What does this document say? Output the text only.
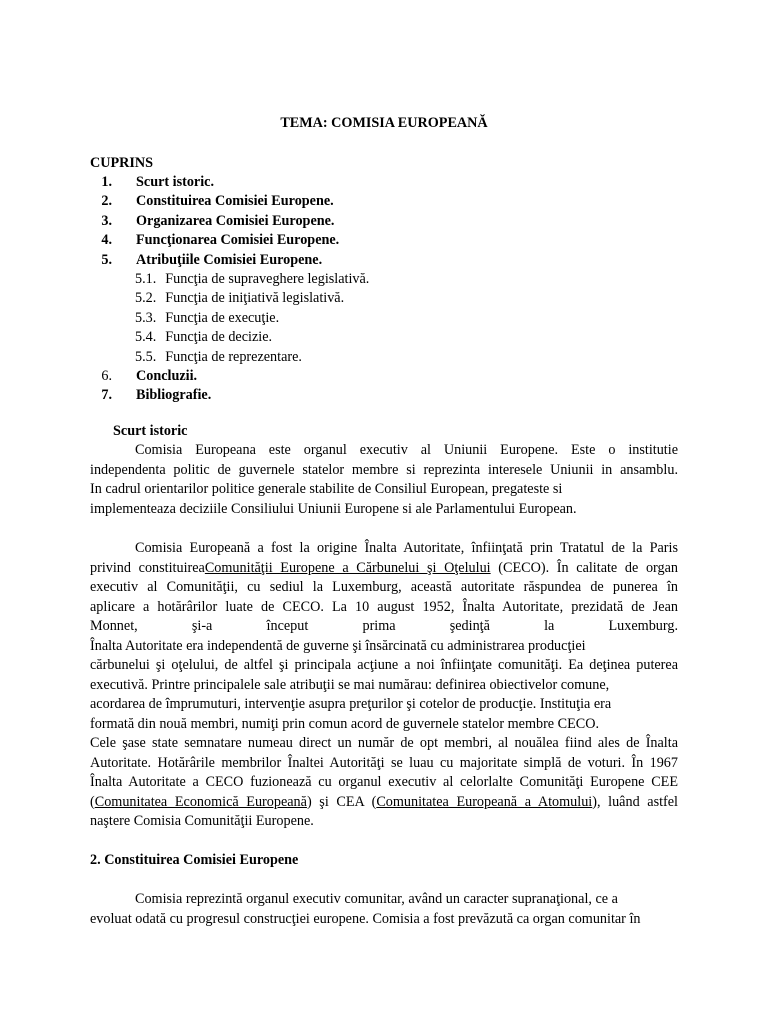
TEMA: COMISIA EUROPEANĂ
CUPRINS
1. Scurt istoric.
2. Constituirea Comisiei Europene.
3. Organizarea Comisiei Europene.
4. Funcţionarea Comisiei Europene.
5. Atribuţiile Comisiei Europene.
5.1. Funcţia de supraveghere legislativă.
5.2. Funcţia de iniţiativă legislativă.
5.3. Funcţia de execuţie.
5.4. Funcţia de decizie.
5.5. Funcţia de reprezentare.
6. Concluzii.
7. Bibliografie.
Scurt istoric
Comisia Europeana este organul executiv al Uniunii Europene. Este o institutie
independenta politic de guvernele statelor membre si reprezinta interesele Uniunii in ansamblu.
In cadrul orientarilor politice generale stabilite de Consiliul European, pregateste si
implementeaza deciziile Consiliului Uniunii Europene si ale Parlamentului European.
Comisia Europeană a fost la origine Înalta Autoritate, înfiinţată prin Tratatul de la Paris
privind constituireaComunităţii Europene a Cărbunelui şi Oţelului (CECO). În calitate de organ
executiv al Comunităţii, cu sediul la Luxemburg, această autoritate răspundea de punerea în
aplicare a hotărârilor luate de CECO. La 10 august 1952, Înalta Autoritate, prezidată de Jean
Monnet,	şi-a	început	prima	şedinţă	la	Luxemburg.
Înalta Autoritate era independentă de guverne şi însărcinată cu administrarea producţiei
cărbunelui şi oţelului, de altfel şi principala acţiune a noi înfiinţate comunităţi. Ea deţinea puterea
executivă. Printre principalele sale atribuţii se mai numărau: definirea obiectivelor comune,
acordarea de împrumuturi, intervenţie asupra preţurilor şi cotelor de producţie. Instituţia era
formată din nouă membri, numiţi prin comun acord de guvernele statelor membre CECO.
Cele şase state semnatare numeau direct un număr de opt membri, al nouălea fiind ales de Înalta
Autoritate. Hotărârile membrilor Înaltei Autorităţi se luau cu majoritate simplă de voturi. În 1967
Înalta Autoritate a CECO fuzionează cu organul executiv al celorlalte Comunităţi Europene CEE
(Comunitatea Economică Europeană) şi CEA (Comunitatea Europeană a Atomului), luând astfel
naştere Comisia Comunităţii Europene.
2. Constituirea Comisiei Europene
Comisia reprezintă organul executiv comunitar, având un caracter supranaţional, ce a
evoluat odată cu progresul construcţiei europene. Comisia a fost prevăzută ca organ comunitar în
